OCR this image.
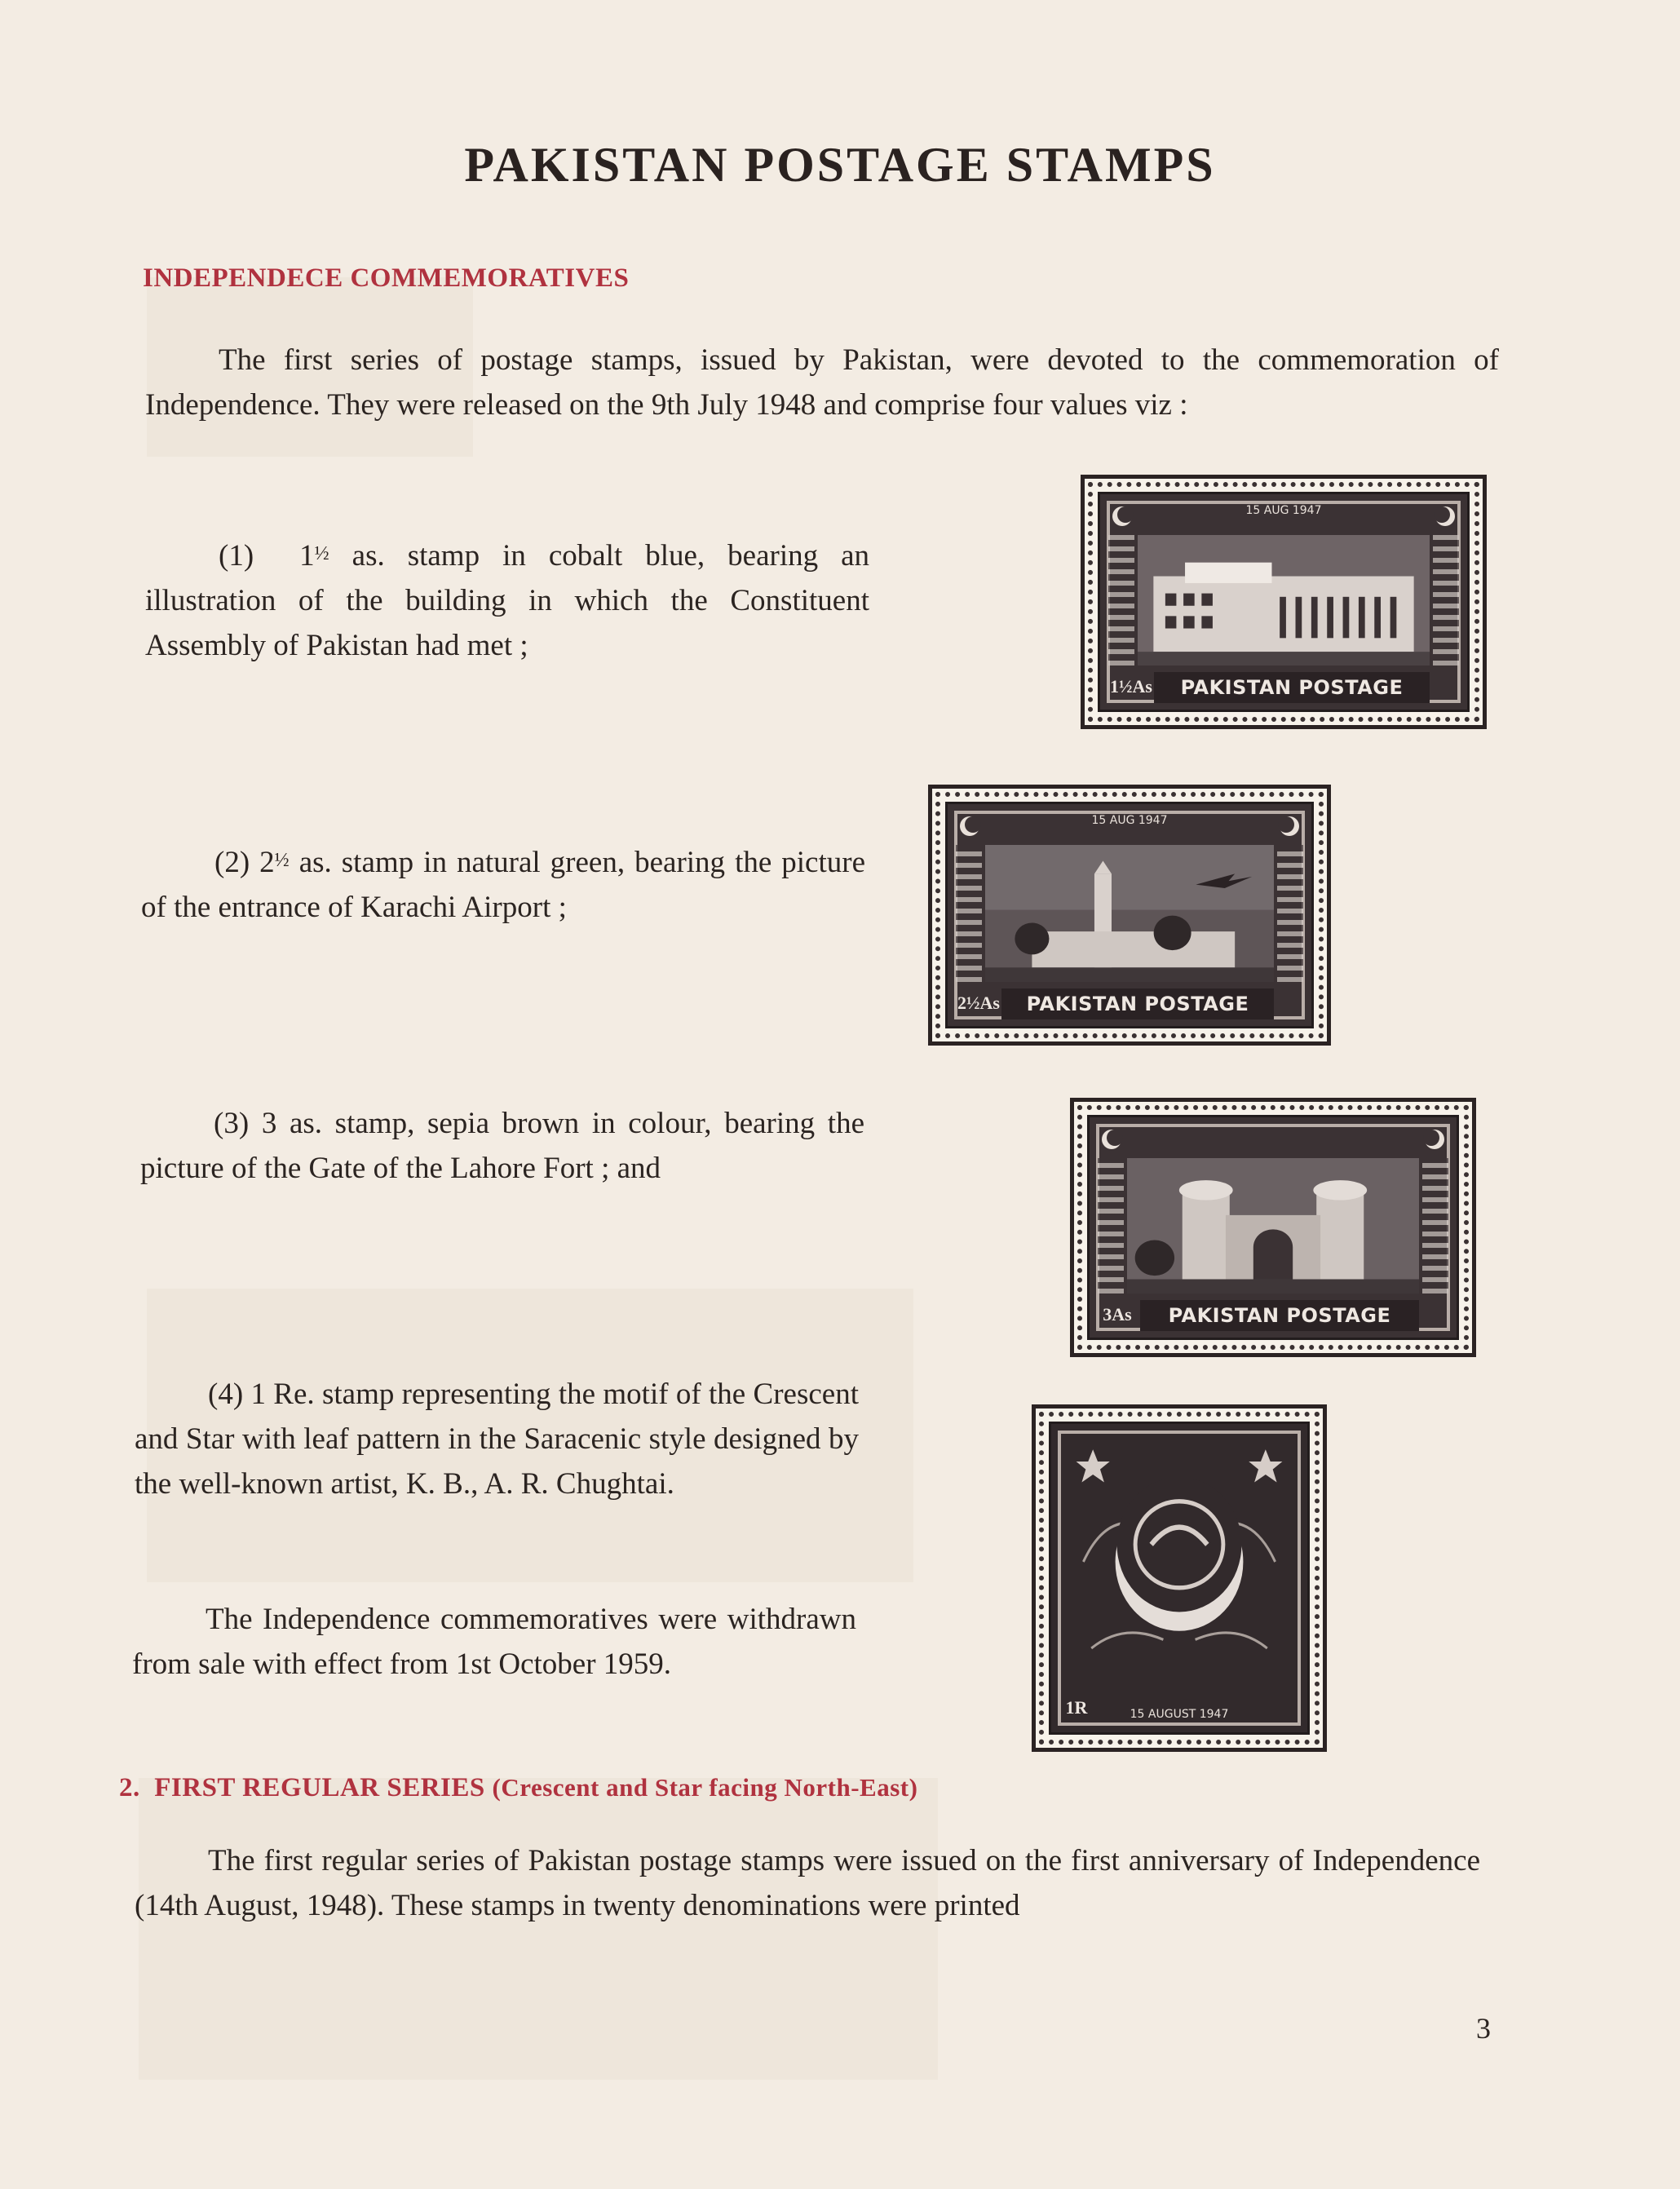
PAKISTAN POSTAGE STAMPS

INDEPENDECE COMMEMORATIVES

The first series of postage stamps, issued by Pakistan, were devoted to the commemoration of Independence. They were released on the 9th July 1948 and comprise four values viz :

(1) $1^{\frac{1}{2}}$ as. stamp in cobalt blue, bearing an illustration of the building in which the Constituent Assembly of Pakistan had met ;

(2) $2^{\frac{1}{2}}$ as. stamp in natural green, bearing the picture of the entrance of Karachi Airport ;

(3) 3 as. stamp, sepia brown in colour, bearing the picture of the Gate of the Lahore Fort ; and

(4) 1 Re. stamp representing the motif of the Crescent and Star with leaf pattern in the Saracenic style designed by the well-known artist, K. B., A. R. Chughtai.

The Independence commemoratives were withdrawn from sale with effect from 1st October 1959.

2. FIRST REGULAR SERIES (Crescent and Star facing North-East)

The first regular series of Pakistan postage stamps were issued on the first anniversary of Independence (14th August, 1948). These stamps in twenty denominations were printed

3

15 AUG 1947
1½As	PAKISTAN POSTAGE
15 AUG 1947
2½As	PAKISTAN POSTAGE
3As	PAKISTAN POSTAGE
1R	15 AUGUST 1947
